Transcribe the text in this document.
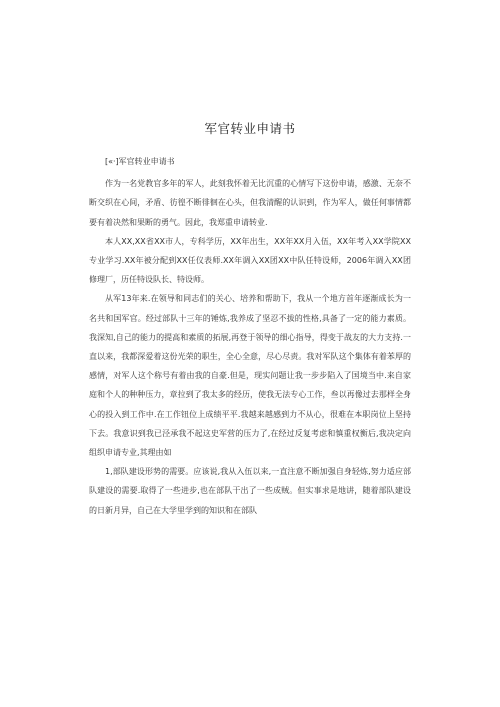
军官转业申请书

[«·]军官转业申请书

作为一名党教官多年的军人，此刻我怀着无比沉重的心情写下这份申请，感激、无奈不断交织在心间，矛盾、彷徨不断徘徊在心头，但我清醒的认识到，作为军人，做任何事情都要有着决然和果断的勇气。因此，我郑重申请转业.

本人XX,XX省XX市人，专科学历，XX年出生，XX年XX月入伍，XX年考入XX学院XX专业学习.XX年被分配到XX任仪表师.XX年调入XX团XX中队任特设师，2006年调入XX团修理厂，历任特设队长、特设师。

从军13年来.在领导和同志们的关心、培养和帮助下，我从一个地方首年逐渐成长为一名共和国军官。经过部队十三年的锤炼,我养成了坚忍不拔的性格,具备了一定的能力素质。我深知,自己的能力的提高和素质的拓展,再登于领导的细心指导，得变于战友的大力支持.一直以来，我都深爱着这份光荣的职生，全心全意，尽心尽责。我对军队这个集体有着苯厚的感情，对军人这个称号有着由我的自豪.但是，现实问题让我一步步陷入了国境当中.来自家庭和个人的种种压力，章拉到了我太多的经历，使我无法专心工作，叁以再像过去那样全身心的投入到工作中.在工作钮位上成绩平平.我越来越感到力不从心，很难在本职岗位上坚持下去。我意识到我已泾承我不起这史军营的压力了,在经过反复考虑和慎重权衡后,我决定向组织申请专业,其理由如

1,部队建设形势的需要。应该说,我从入伍以来,一直注意不断加强自身轻炼,努力适应部队建设的需要.取得了一些进步,也在部队干出了一些成贼。但实事求是地讲，随着部队建设的日新月异，自己在大学里学到的知识和在部队
